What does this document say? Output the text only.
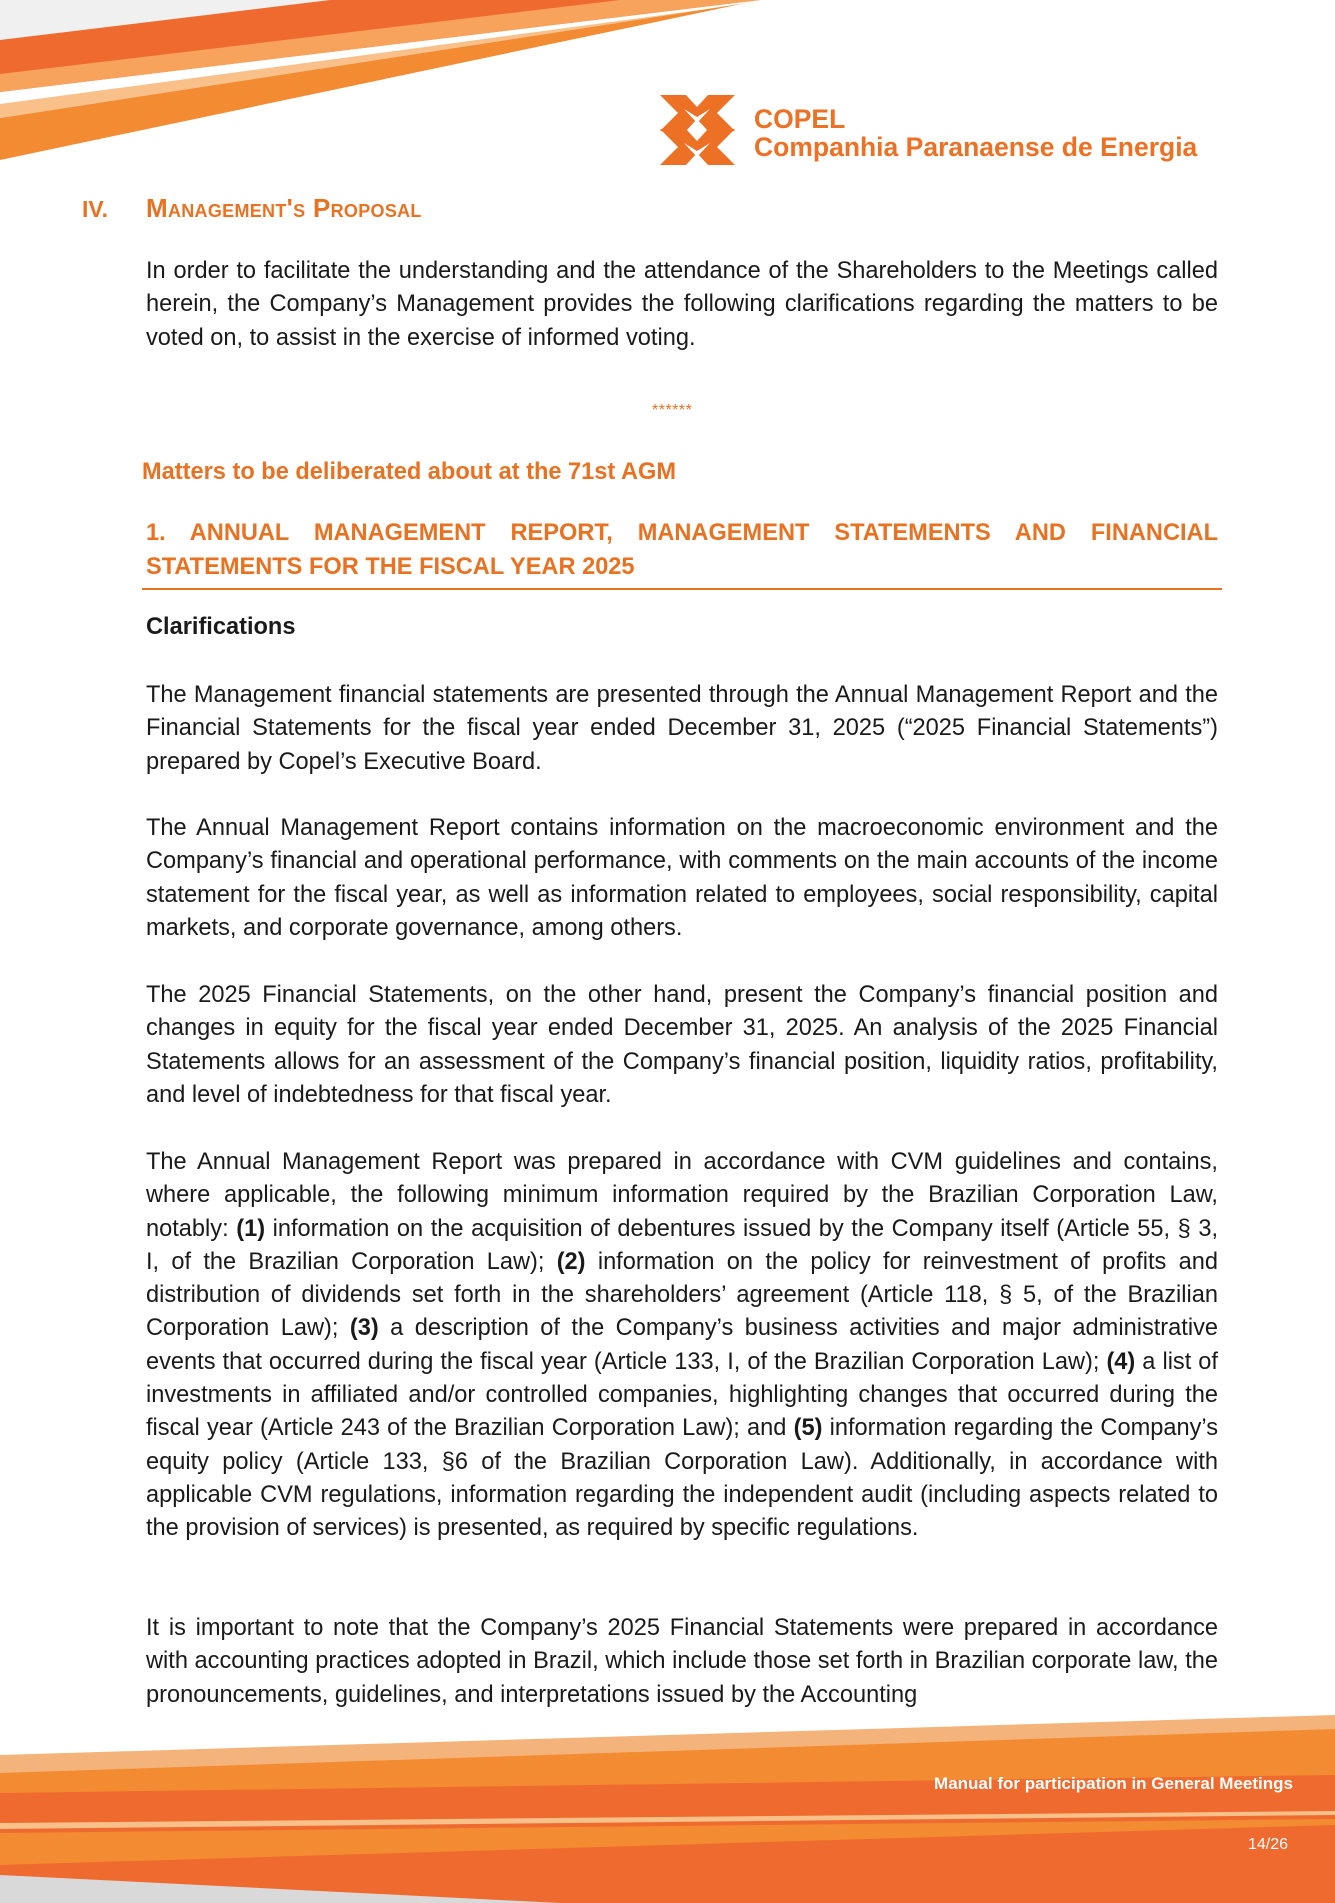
COPEL
Companhia Paranaense de Energia
IV. Management's Proposal

In order to facilitate the understanding and the attendance of the Shareholders to the Meetings called herein, the Company’s Management provides the following clarifications regarding the matters to be voted on, to assist in the exercise of informed voting.

******
Matters to be deliberated about at the 71st AGM

1. ANNUAL MANAGEMENT REPORT, MANAGEMENT STATEMENTS AND FINANCIAL STATEMENTS FOR THE FISCAL YEAR 2025

Clarifications

The Management financial statements are presented through the Annual Management Report and the Financial Statements for the fiscal year ended December 31, 2025 (“2025 Financial Statements”) prepared by Copel’s Executive Board.

The Annual Management Report contains information on the macroeconomic environment and the Company’s financial and operational performance, with comments on the main accounts of the income statement for the fiscal year, as well as information related to employees, social responsibility, capital markets, and corporate governance, among others.

The 2025 Financial Statements, on the other hand, present the Company’s financial position and changes in equity for the fiscal year ended December 31, 2025. An analysis of the 2025 Financial Statements allows for an assessment of the Company’s financial position, liquidity ratios, profitability, and level of indebtedness for that fiscal year.

The Annual Management Report was prepared in accordance with CVM guidelines and contains, where applicable, the following minimum information required by the Brazilian Corporation Law, notably: (1) information on the acquisition of debentures issued by the Company itself (Article 55, § 3, I, of the Brazilian Corporation Law); (2) information on the policy for reinvestment of profits and distribution of dividends set forth in the shareholders’ agreement (Article 118, § 5, of the Brazilian Corporation Law); (3) a description of the Company’s business activities and major administrative events that occurred during the fiscal year (Article 133, I, of the Brazilian Corporation Law); (4) a list of investments in affiliated and/or controlled companies, highlighting changes that occurred during the fiscal year (Article 243 of the Brazilian Corporation Law); and (5) information regarding the Company’s equity policy (Article 133, §6 of the Brazilian Corporation Law). Additionally, in accordance with applicable CVM regulations, information regarding the independent audit (including aspects related to the provision of services) is presented, as required by specific regulations.

It is important to note that the Company’s 2025 Financial Statements were prepared in accordance with accounting practices adopted in Brazil, which include those set forth in Brazilian corporate law, the pronouncements, guidelines, and interpretations issued by the Accounting

Manual for participation in General Meetings
14/26
